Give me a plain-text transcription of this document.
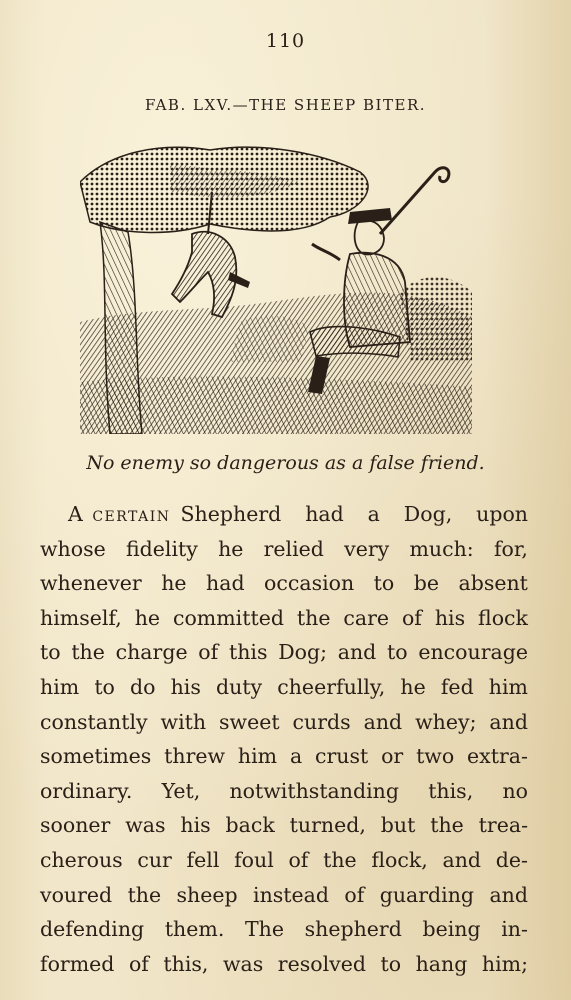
110
FAB. LXV.—THE SHEEP BITER.
No enemy so dangerous as a false friend.
A certain Shepherd had a Dog, upon
whose fidelity he relied very much: for,
whenever he had occasion to be absent
himself, he committed the care of his flock
to the charge of this Dog; and to encourage
him to do his duty cheerfully, he fed him
constantly with sweet curds and whey; and
sometimes threw him a crust or two extra-
ordinary. Yet, notwithstanding this, no
sooner was his back turned, but the trea-
cherous cur fell foul of the flock, and de-
voured the sheep instead of guarding and
defending them. The shepherd being in-
formed of this, was resolved to hang him;
